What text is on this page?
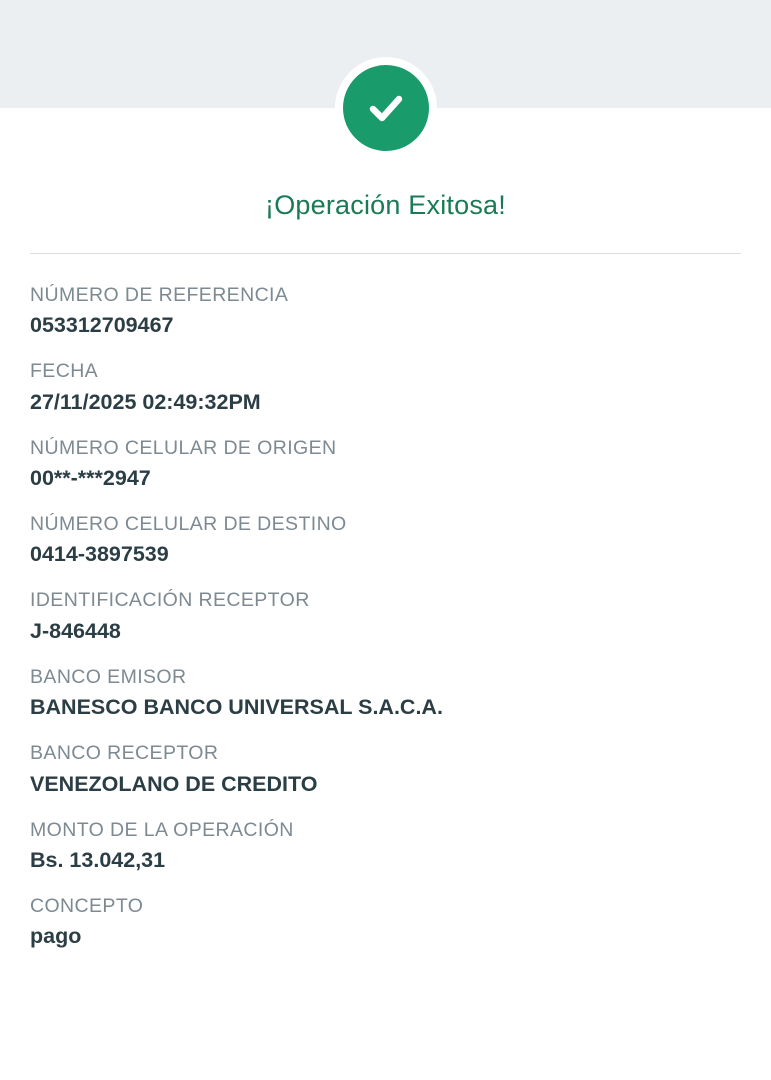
¡Operación Exitosa!
NÚMERO DE REFERENCIA
053312709467
FECHA
27/11/2025 02:49:32PM
NÚMERO CELULAR DE ORIGEN
00**-***2947
NÚMERO CELULAR DE DESTINO
0414-3897539
IDENTIFICACIÓN RECEPTOR
J-846448
BANCO EMISOR
BANESCO BANCO UNIVERSAL S.A.C.A.
BANCO RECEPTOR
VENEZOLANO DE CREDITO
MONTO DE LA OPERACIÓN
Bs. 13.042,31
CONCEPTO
pago
